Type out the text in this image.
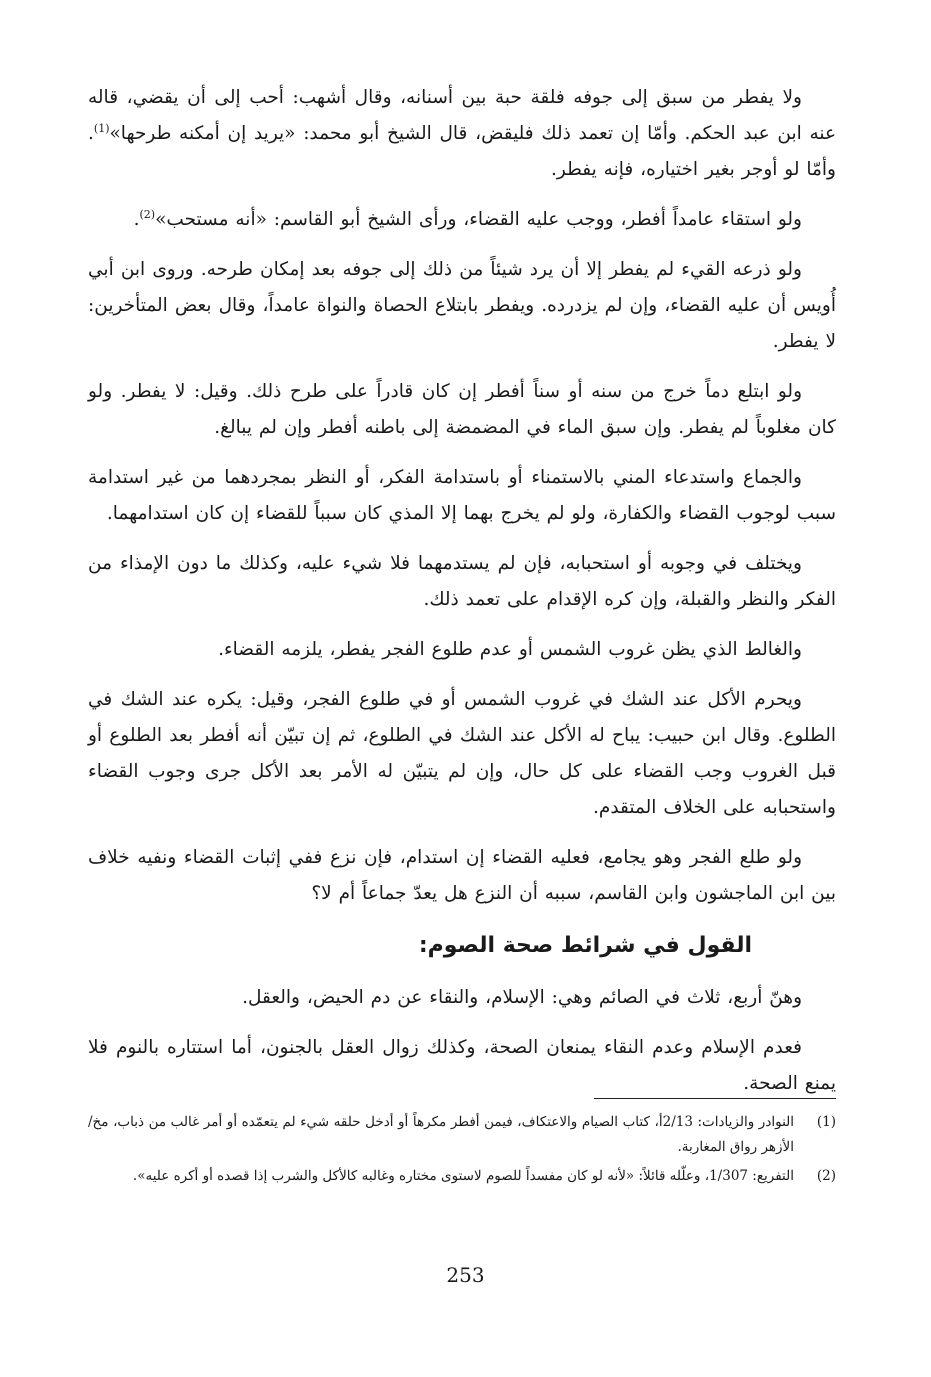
ولا يفطر من سبق إلى جوفه فلقة حبة بين أسنانه، وقال أشهب: أحب إلى أن يقضي، قاله عنه ابن عبد الحكم. وأمّا إن تعمد ذلك فليقض، قال الشيخ أبو محمد: «يريد إن أمكنه طرحها»$^{(1)}$. وأمّا لو أوجر بغير اختياره، فإنه يفطر.

ولو استقاء عامداً أفطر، ووجب عليه القضاء، ورأى الشيخ أبو القاسم: «أنه مستحب»$^{(2)}$.

ولو ذرعه القيء لم يفطر إلا أن يرد شيئاً من ذلك إلى جوفه بعد إمكان طرحه. وروى ابن أبي أُويس أن عليه القضاء، وإن لم يزدرده. ويفطر بابتلاع الحصاة والنواة عامداً، وقال بعض المتأخرين: لا يفطر.

ولو ابتلع دماً خرج من سنه أو سناً أفطر إن كان قادراً على طرح ذلك. وقيل: لا يفطر. ولو كان مغلوباً لم يفطر. وإن سبق الماء في المضمضة إلى باطنه أفطر وإن لم يبالغ.

والجماع واستدعاء المني بالاستمناء أو باستدامة الفكر، أو النظر بمجردهما من غير استدامة سبب لوجوب القضاء والكفارة، ولو لم يخرج بهما إلا المذي كان سبباً للقضاء إن كان استدامهما.

ويختلف في وجوبه أو استحبابه، فإن لم يستدمهما فلا شيء عليه، وكذلك ما دون الإمذاء من الفكر والنظر والقبلة، وإن كره الإقدام على تعمد ذلك.

والغالط الذي يظن غروب الشمس أو عدم طلوع الفجر يفطر، يلزمه القضاء.

ويحرم الأكل عند الشك في غروب الشمس أو في طلوع الفجر، وقيل: يكره عند الشك في الطلوع. وقال ابن حبيب: يباح له الأكل عند الشك في الطلوع، ثم إن تبيّن أنه أفطر بعد الطلوع أو قبل الغروب وجب القضاء على كل حال، وإن لم يتبيّن له الأمر بعد الأكل جرى وجوب القضاء واستحبابه على الخلاف المتقدم.

ولو طلع الفجر وهو يجامع، فعليه القضاء إن استدام، فإن نزع ففي إثبات القضاء ونفيه خلاف بين ابن الماجشون وابن القاسم، سببه أن النزع هل يعدّ جماعاً أم لا؟

القول في شرائط صحة الصوم:

وهنّ أربع، ثلاث في الصائم وهي: الإسلام، والنقاء عن دم الحيض، والعقل.

فعدم الإسلام وعدم النقاء يمنعان الصحة، وكذلك زوال العقل بالجنون، أما استتاره بالنوم فلا يمنع الصحة.

(1)
النوادر والزيادات: 2/13أ، كتاب الصيام والاعتكاف، فيمن أفطر مكرهاً أو أدخل حلقه شيء لم يتعمّده أو أمر غالب من ذباب، مخ/الأزهر رواق المغاربة.
(2)
التفريع: 1/307، وعلّله قائلاً: «لأنه لو كان مفسداً للصوم لاستوى مختاره وغالبه كالأكل والشرب إذا قصده أو أكره عليه».
253
